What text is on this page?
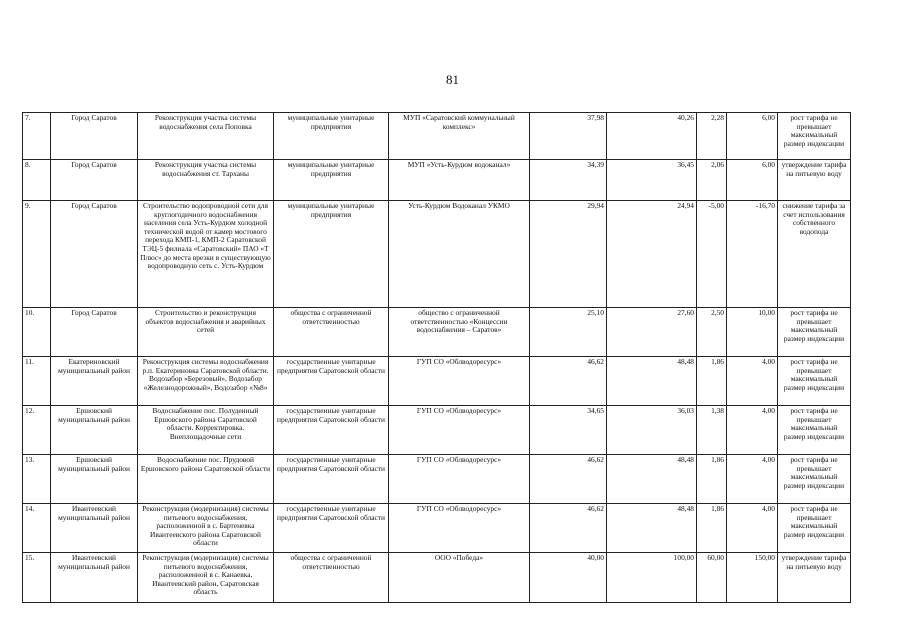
81
7.	Город Саратов	Реконструкция участка системы водоснабжения села Поповка	муниципальные унитарные предприятия	МУП «Саратовский коммунальный комплекс»	37,98	40,26	2,28	6,00	рост тарифа не превышает максимальный размер индексации
8.	Город Саратов	Реконструкция участка системы водоснабжения ст. Тарханы	муниципальные унитарные предприятия	МУП «Усть-Курдюм водоканал»	34,39	36,45	2,06	6,00	утверждение тарифа на питьевую воду
9.	Город Саратов	Строительство водопроводной сети для круглогодичного водоснабжения населения села Усть-Курдюм холодной технической водой от камер мостового перехода КМП-1, КМП-2 Саратовской ТЭЦ-5 филиала «Саратовский» ПАО «Т Плюс» до места врезки в существующую водопроводную сеть с. Усть-Курдюм	муниципальные унитарные предприятия	Усть-Курдюм Водоканал УКМО	29,94	24,94	-5,00	-16,70	снижение тарифа за счет использования собственного водопода
10.	Город Саратов	Строительство и реконструкция объектов водоснабжения и аварийных сетей	общества с ограниченной ответственностью	общество с ограниченной ответственностью «Концессии водоснабжения – Саратов»	25,10	27,60	2,50	10,00	рост тарифа не превышает максимальный размер индексации
11.	Екатериновский муниципальный район	Реконструкция системы водоснабжения р.п. Екатериновка Саратовской области. Водозабор «Березовый», Водозабор «Железнодорожный», Водозабор «№8»	государственные унитарные предприятия Саратовской области	ГУП СО «Облводоресурс»	46,62	48,48	1,86	4,00	рост тарифа не превышает максимальный размер индексации
12.	Ершовский муниципальный район	Водоснабжение пос. Полуденный Ершовского района Саратовской области. Корректировка. Внеплощадочные сети	государственные унитарные предприятия Саратовской области	ГУП СО «Облводоресурс»	34,65	36,03	1,38	4,00	рост тарифа не превышает максимальный размер индексации
13.	Ершовский муниципальный район	Водоснабжение пос. Прудовой Ершовского района Саратовской области	государственные унитарные предприятия Саратовской области	ГУП СО «Облводоресурс»	46,62	48,48	1,86	4,00	рост тарифа не превышает максимальный размер индексации
14.	Ивантеевский муниципальный район	Реконструкция (модернизация) системы питьевого водоснабжения, расположенной в с. Бартеневка Ивантеевского района Саратовской области	государственные унитарные предприятия Саратовской области	ГУП СО «Облводоресурс»	46,62	48,48	1,86	4,00	рост тарифа не превышает максимальный размер индексации
15.	Ивантеевский муниципальный район	Реконструкция (модернизация) системы питьевого водоснабжения, расположенной в с. Канаевка, Ивантеевский район, Саратовская область	общества с ограниченной ответственностью	ООО «Победа»	40,00	100,00	60,00	150,00	утверждение тарифа на питьевую воду
